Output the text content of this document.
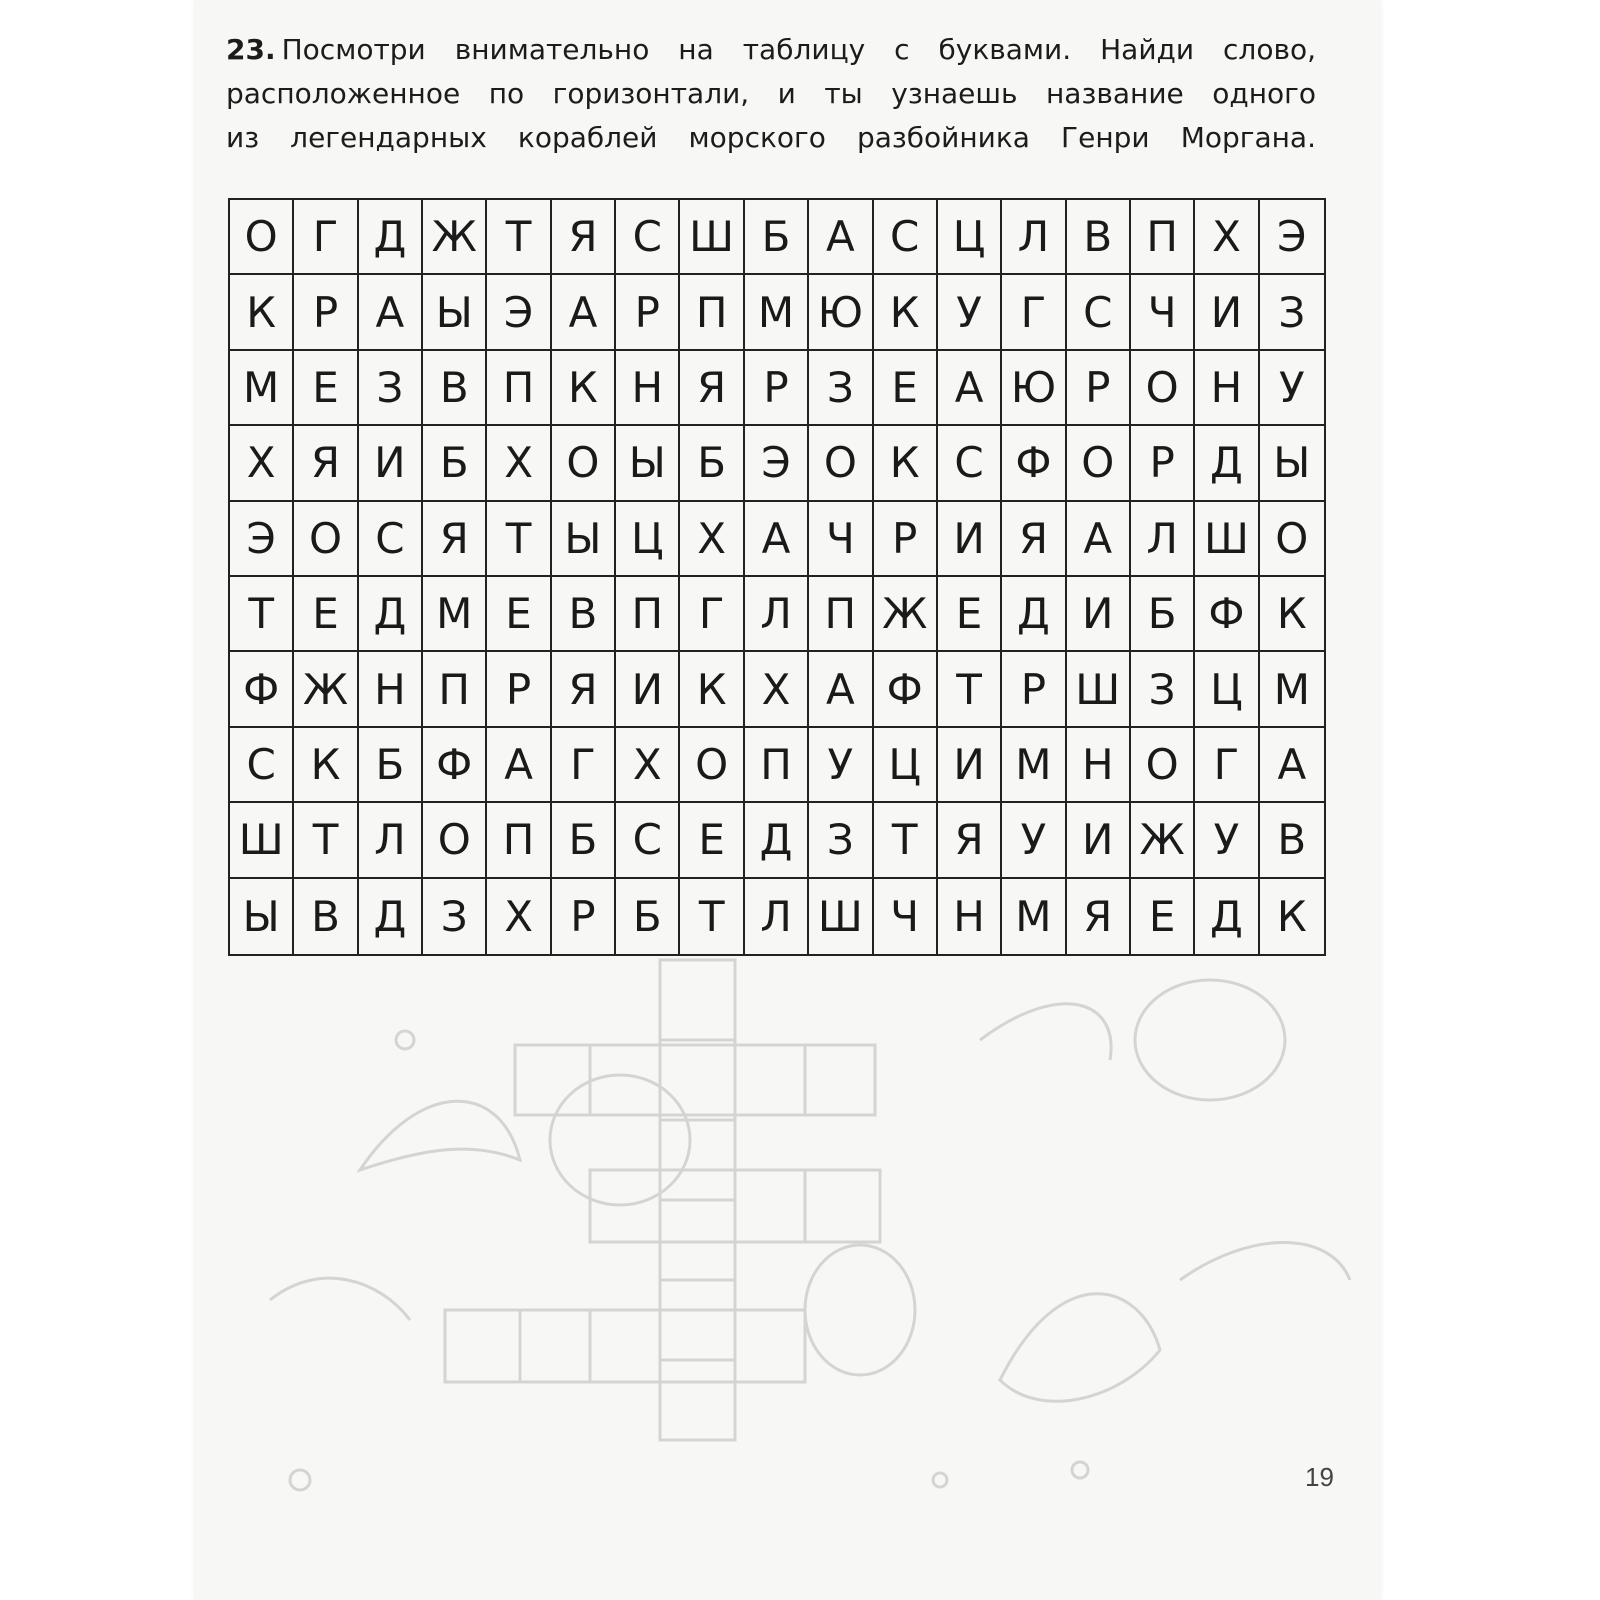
23. Посмотри внимательно на таблицу с буквами. Найди слово,
расположенное по горизонтали, и ты узнаешь название одного
из легендарных кораблей морского разбойника Генри Моргана.
О Г Д Ж Т Я С Ш Б А С Ц Л В П Х Э
К Р А Ы Э А Р П М Ю К У Г С Ч И З
М Е З В П К Н Я Р З Е А Ю Р О Н У
Х Я И Б Х О Ы Б Э О К С Ф О Р Д Ы
Э О С Я Т Ы Ц Х А Ч Р И Я А Л Ш О
Т Е Д М Е В П Г Л П Ж Е Д И Б Ф К
Ф Ж Н П Р Я И К Х А Ф Т Р Ш З Ц М
С К Б Ф А Г Х О П У Ц И М Н О Г А
Ш Т Л О П Б С Е Д З Т Я У И Ж У В
Ы В Д З Х Р Б Т Л Ш Ч Н М Я Е Д К
19
